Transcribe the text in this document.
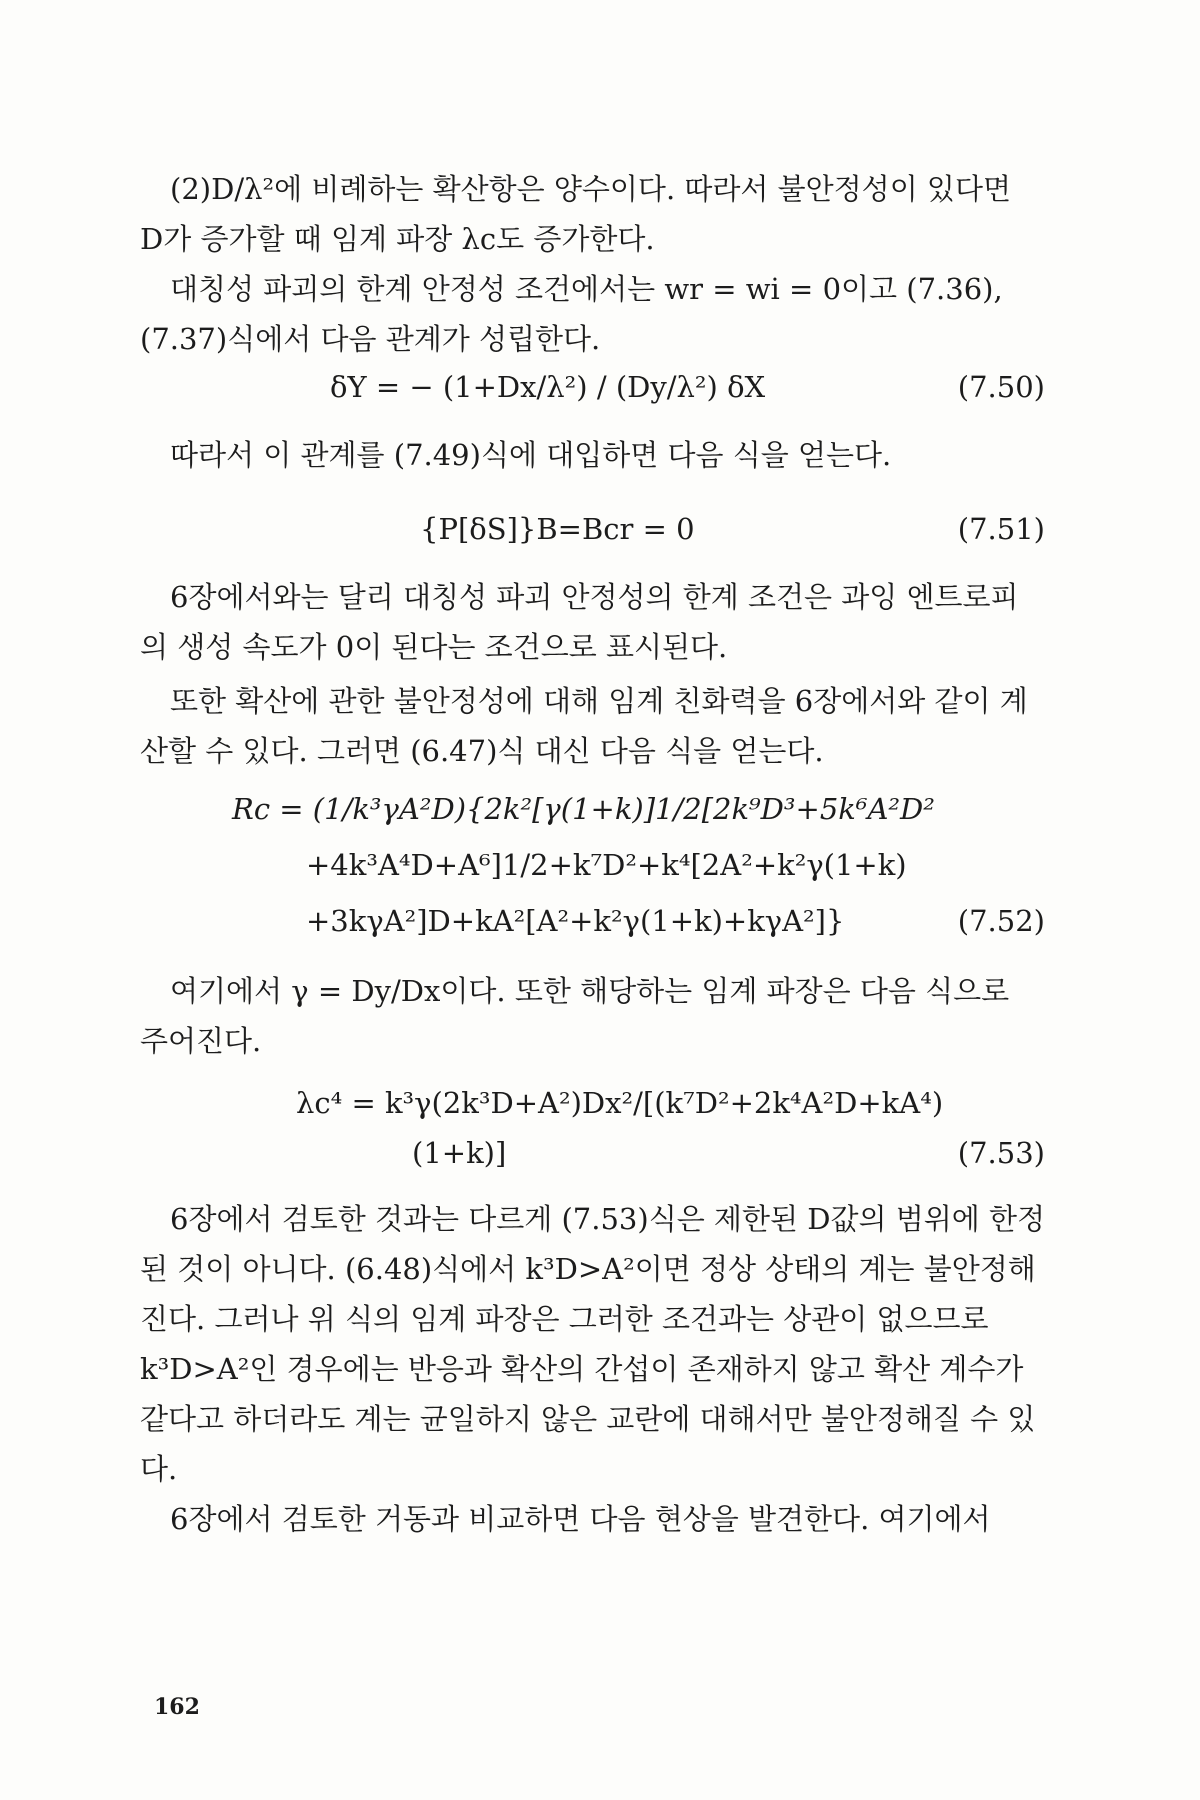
(2)D/λ²에 비례하는 확산항은 양수이다. 따라서 불안정성이 있다면
D가 증가할 때 임계 파장 λc도 증가한다.
대칭성 파괴의 한계 안정성 조건에서는 wr = wi = 0이고 (7.36), (7.37)식에서 다음 관계가 성립한다.
δY = − (1+Dx/λ²) / (Dy/λ²) δX	(7.50)
따라서 이 관계를 (7.49)식에 대입하면 다음 식을 얻는다.
{P[δS]}B=Bcr = 0	(7.51)
6장에서와는 달리 대칭성 파괴 안정성의 한계 조건은 과잉 엔트로피의 생성 속도가 0이 된다는 조건으로 표시된다.
또한 확산에 관한 불안정성에 대해 임계 친화력을 6장에서와 같이 계산할 수 있다. 그러면 (6.47)식 대신 다음 식을 얻는다.
Rc = (1/k³γA²D){2k²[γ(1+k)]1/2[2k⁹D³+5k⁶A²D²
+4k³A⁴D+A⁶]1/2+k⁷D²+k⁴[2A²+k²γ(1+k)
+3kγA²]D+kA²[A²+k²γ(1+k)+kγA²]}	(7.52)
여기에서 γ = Dy/Dx이다. 또한 해당하는 임계 파장은 다음 식으로 주어진다.
λc⁴ = k³γ(2k³D+A²)Dx²/[(k⁷D²+2k⁴A²D+kA⁴)
(1+k)]	(7.53)
6장에서 검토한 것과는 다르게 (7.53)식은 제한된 D값의 범위에 한정된 것이 아니다. (6.48)식에서 k³D>A²이면 정상 상태의 계는 불안정해진다. 그러나 위 식의 임계 파장은 그러한 조건과는 상관이 없으므로 k³D>A²인 경우에는 반응과 확산의 간섭이 존재하지 않고 확산 계수가 같다고 하더라도 계는 균일하지 않은 교란에 대해서만 불안정해질 수 있다.
6장에서 검토한 거동과 비교하면 다음 현상을 발견한다. 여기에서
162
